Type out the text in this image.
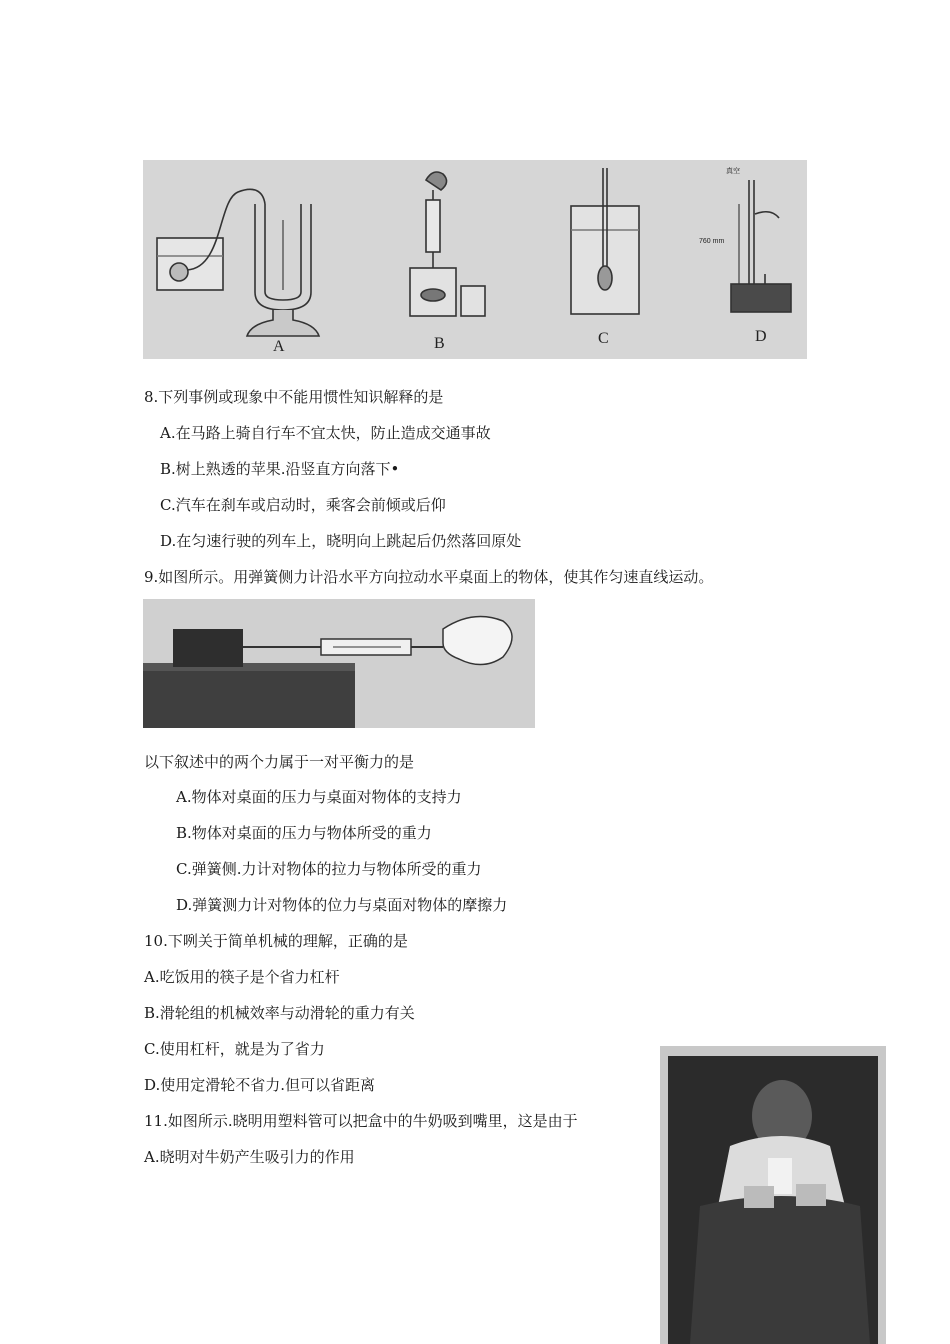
A	B	C
真空
760 mm
D
8.下列事例或现象中不能用惯性知识解释的是
A.在马路上骑自行车不宜太快，防止造成交通事故
B.树上熟透的苹果.沿竖直方向落下•
C.汽车在刹车或启动时，乘客会前倾或后仰
D.在匀速行驶的列车上，晓明向上跳起后仍然落回原处
9.如图所示。用弹簧侧力计沿水平方向拉动水平桌面上的物体，使其作匀速直线运动。
以下叙述中的两个力属于一对平衡力的是
A.物体对桌面的压力与桌面对物体的支持力
B.物体对桌面的压力与物体所受的重力
C.弹簧侧.力计对物体的拉力与物体所受的重力
D.弹簧测力计对物体的位力与桌面对物体的摩擦力
10.下咧关于简单机械的理解，正确的是
A.吃饭用的筷子是个省力杠杆
B.滑轮组的机械效率与动滑轮的重力有关
C.使用杠杆，就是为了省力
D.使用定滑轮不省力.但可以省距离
11.如图所示.晓明用塑料管可以把盒中的牛奶吸到嘴里，这是由于
A.晓明对牛奶产生吸引力的作用
